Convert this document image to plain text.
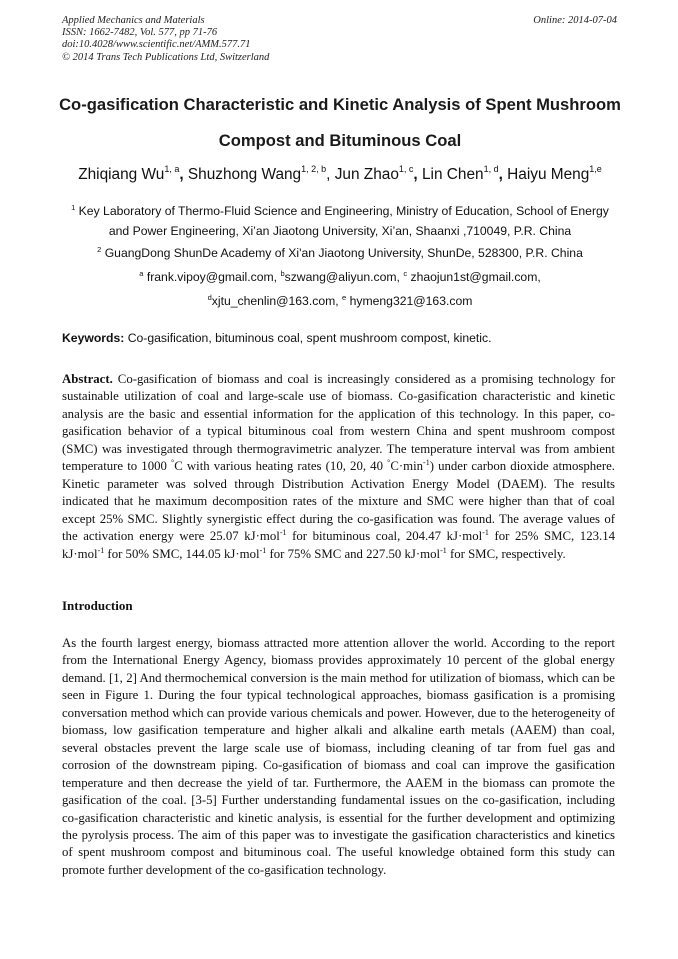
Applied Mechanics and Materials
ISSN: 1662-7482, Vol. 577, pp 71-76
doi:10.4028/www.scientific.net/AMM.577.71
© 2014 Trans Tech Publications Ltd, Switzerland
Online: 2014-07-04
Co-gasification Characteristic and Kinetic Analysis of Spent Mushroom Compost and Bituminous Coal
Zhiqiang Wu$^{1, a}$, Shuzhong Wang$^{1, 2, b}$, Jun Zhao$^{1, c}$, Lin Chen$^{1, d}$, Haiyu Meng$^{1,e}$
$^1$ Key Laboratory of Thermo-Fluid Science and Engineering, Ministry of Education, School of Energy and Power Engineering, Xi’an Jiaotong University, Xi’an, Shaanxi ,710049, P.R. China
$^2$ GuangDong ShunDe Academy of Xi'an Jiaotong University, ShunDe, 528300, P.R. China
$^a$ frank.vipoy@gmail.com, $^b$szwang@aliyun.com, $^c$ zhaojun1st@gmail.com,
$^d$xjtu_chenlin@163.com, $^e$ hymeng321@163.com
Keywords: Co-gasification, bituminous coal, spent mushroom compost, kinetic.
Abstract. Co-gasification of biomass and coal is increasingly considered as a promising technology for sustainable utilization of coal and large-scale use of biomass. Co-gasification characteristic and kinetic analysis are the basic and essential information for the application of this technology. In this paper, co-gasification behavior of a typical bituminous coal from western China and spent mushroom compost (SMC) was investigated through thermogravimetric analyzer. The temperature interval was from ambient temperature to 1000 °C with various heating rates (10, 20, 40 $^\circ C\cdot\min^{-1}$) under carbon dioxide atmosphere. Kinetic parameter was solved through Distribution Activation Energy Model (DAEM). The results indicated that he maximum decomposition rates of the mixture and SMC were higher than that of coal except 25% SMC. Slightly synergistic effect during the co-gasification was found. The average values of the activation energy were 25.07 kJ·mol$^{-1}$ for bituminous coal, 204.47 kJ·mol$^{-1}$ for 25% SMC, 123.14 kJ·mol$^{-1}$ for 50% SMC, 144.05 kJ·mol$^{-1}$ for 75% SMC and 227.50 kJ·mol$^{-1}$ for SMC, respectively.
Introduction
As the fourth largest energy, biomass attracted more attention allover the world. According to the report from the International Energy Agency, biomass provides approximately 10 percent of the global energy demand. [1, 2] And thermochemical conversion is the main method for utilization of biomass, which can be seen in Figure 1. During the four typical technological approaches, biomass gasification is a promising conversation method which can provide various chemicals and power. However, due to the heterogeneity of biomass, low gasification temperature and higher alkali and alkaline earth metals (AAEM) than coal, several obstacles prevent the large scale use of biomass, including cleaning of tar from fuel gas and corrosion of the downstream piping. Co-gasification of biomass and coal can improve the gasification temperature and then decrease the yield of tar. Furthermore, the AAEM in the biomass can promote the gasification of the coal. [3-5] Further understanding fundamental issues on the co-gasification, including co-gasification characteristic and kinetic analysis, is essential for the further development and optimizing the pyrolysis process. The aim of this paper was to investigate the gasification characteristics and kinetics of spent mushroom compost and bituminous coal. The useful knowledge obtained form this study can promote further development of the co-gasification technology.
